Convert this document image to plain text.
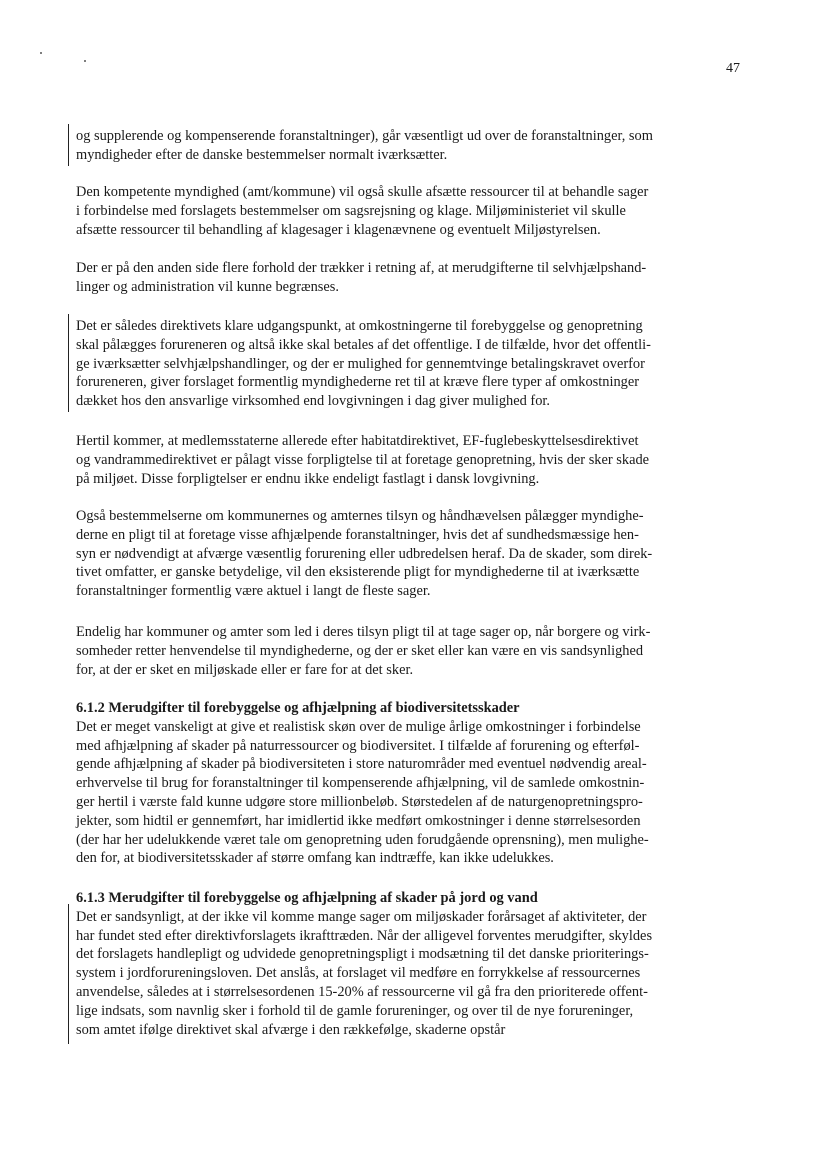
47

og supplerende og kompenserende foranstaltninger), går væsentligt ud over de foranstaltninger, som
myndigheder efter de danske bestemmelser normalt iværksætter.

Den kompetente myndighed (amt/kommune) vil også skulle afsætte ressourcer til at behandle sager
i forbindelse med forslagets bestemmelser om sagsrejsning og klage. Miljøministeriet vil skulle
afsætte ressourcer til behandling af klagesager i klagenævnene og eventuelt Miljøstyrelsen.

Der er på den anden side flere forhold der trækker i retning af, at merudgifterne til selvhjælpshand-
linger og administration vil kunne begrænses.

Det er således direktivets klare udgangspunkt, at omkostningerne til forebyggelse og genopretning
skal pålægges forureneren og altså ikke skal betales af det offentlige. I de tilfælde, hvor det offentli-
ge iværksætter selvhjælpshandlinger, og der er mulighed for gennemtvinge betalingskravet overfor
forureneren, giver forslaget formentlig myndighederne ret til at kræve flere typer af omkostninger
dækket hos den ansvarlige virksomhed end lovgivningen i dag giver mulighed for.

Hertil kommer, at medlemsstaterne allerede efter habitatdirektivet, EF-fuglebeskyttelsesdirektivet
og vandrammedirektivet er pålagt visse forpligtelse til at foretage genopretning, hvis der sker skade
på miljøet. Disse forpligtelser er endnu ikke endeligt fastlagt i dansk lovgivning.

Også bestemmelserne om kommunernes og amternes tilsyn og håndhævelsen pålægger myndighe-
derne en pligt til at foretage visse afhjælpende foranstaltninger, hvis det af sundhedsmæssige hen-
syn er nødvendigt at afværge væsentlig forurening eller udbredelsen heraf. Da de skader, som direk-
tivet omfatter, er ganske betydelige, vil den eksisterende pligt for myndighederne til at iværksætte
foranstaltninger formentlig være aktuel i langt de fleste sager.

Endelig har kommuner og amter som led i deres tilsyn pligt til at tage sager op, når borgere og virk-
somheder retter henvendelse til myndighederne, og der er sket eller kan være en vis sandsynlighed
for, at der er sket en miljøskade eller er fare for at det sker.

6.1.2 Merudgifter til forebyggelse og afhjælpning af biodiversitetsskader
Det er meget vanskeligt at give et realistisk skøn over de mulige årlige omkostninger i forbindelse
med afhjælpning af skader på naturressourcer og biodiversitet. I tilfælde af forurening og efterføl-
gende afhjælpning af skader på biodiversiteten i store naturområder med eventuel nødvendig areal-
erhvervelse til brug for foranstaltninger til kompenserende afhjælpning, vil de samlede omkostnin-
ger hertil i værste fald kunne udgøre store millionbeløb. Størstedelen af de naturgenopretningspro-
jekter, som hidtil er gennemført, har imidlertid ikke medført omkostninger i denne størrelsesorden
(der har her udelukkende været tale om genopretning uden forudgående oprensning), men mulighe-
den for, at biodiversitetsskader af større omfang kan indtræffe, kan ikke udelukkes.

6.1.3 Merudgifter til forebyggelse og afhjælpning af skader på jord og vand
Det er sandsynligt, at der ikke vil komme mange sager om miljøskader forårsaget af aktiviteter, der
har fundet sted efter direktivforslagets ikrafttræden. Når der alligevel forventes merudgifter, skyldes
det forslagets handlepligt og udvidede genopretningspligt i modsætning til det danske prioriterings-
system i jordforureningsloven. Det anslås, at forslaget vil medføre en forrykkelse af ressourcernes
anvendelse, således at i størrelsesordenen 15-20% af ressourcerne vil gå fra den prioriterede offent-
lige indsats, som navnlig sker i forhold til de gamle forureninger, og over til de nye forureninger,
som amtet ifølge direktivet skal afværge i den rækkefølge, skaderne opstår
